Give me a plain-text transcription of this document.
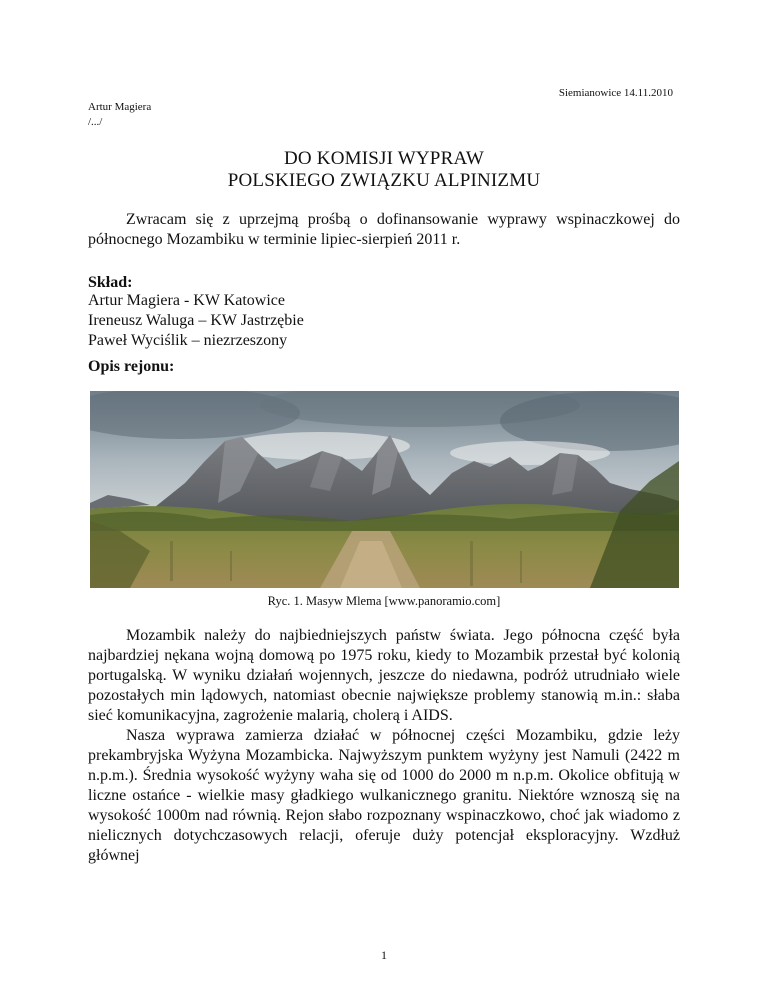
Siemianowice 14.11.2010
Artur Magiera
/.../
DO KOMISJI WYPRAW
POLSKIEGO ZWIĄZKU ALPINIZMU
Zwracam się z uprzejmą prośbą o dofinansowanie wyprawy wspinaczkowej do północnego Mozambiku w terminie lipiec-sierpień 2011 r.
Skład:
Artur Magiera - KW Katowice
Ireneusz Waluga – KW Jastrzębie
Paweł Wyciślik – niezrzeszony
Opis rejonu:
Ryc. 1. Masyw Mlema [www.panoramio.com]

Mozambik należy do najbiedniejszych państw świata. Jego północna część była najbardziej nękana wojną domową po 1975 roku, kiedy to Mozambik przestał być kolonią portugalską. W wyniku działań wojennych, jeszcze do niedawna, podróż utrudniało wiele pozostałych min lądowych, natomiast obecnie największe problemy stanowią m.in.: słaba sieć komunikacyjna, zagrożenie malarią, cholerą i AIDS.

Nasza wyprawa zamierza działać w północnej części Mozambiku, gdzie leży prekambryjska Wyżyna Mozambicka. Najwyższym punktem wyżyny jest Namuli (2422 m n.p.m.). Średnia wysokość wyżyny waha się od 1000 do 2000 m n.p.m. Okolice obfitują w liczne ostańce - wielkie masy gładkiego wulkanicznego granitu. Niektóre wznoszą się na wysokość 1000m nad równią. Rejon słabo rozpoznany wspinaczkowo, choć jak wiadomo z nielicznych dotychczasowych relacji, oferuje duży potencjał eksploracyjny. Wzdłuż głównej

1
